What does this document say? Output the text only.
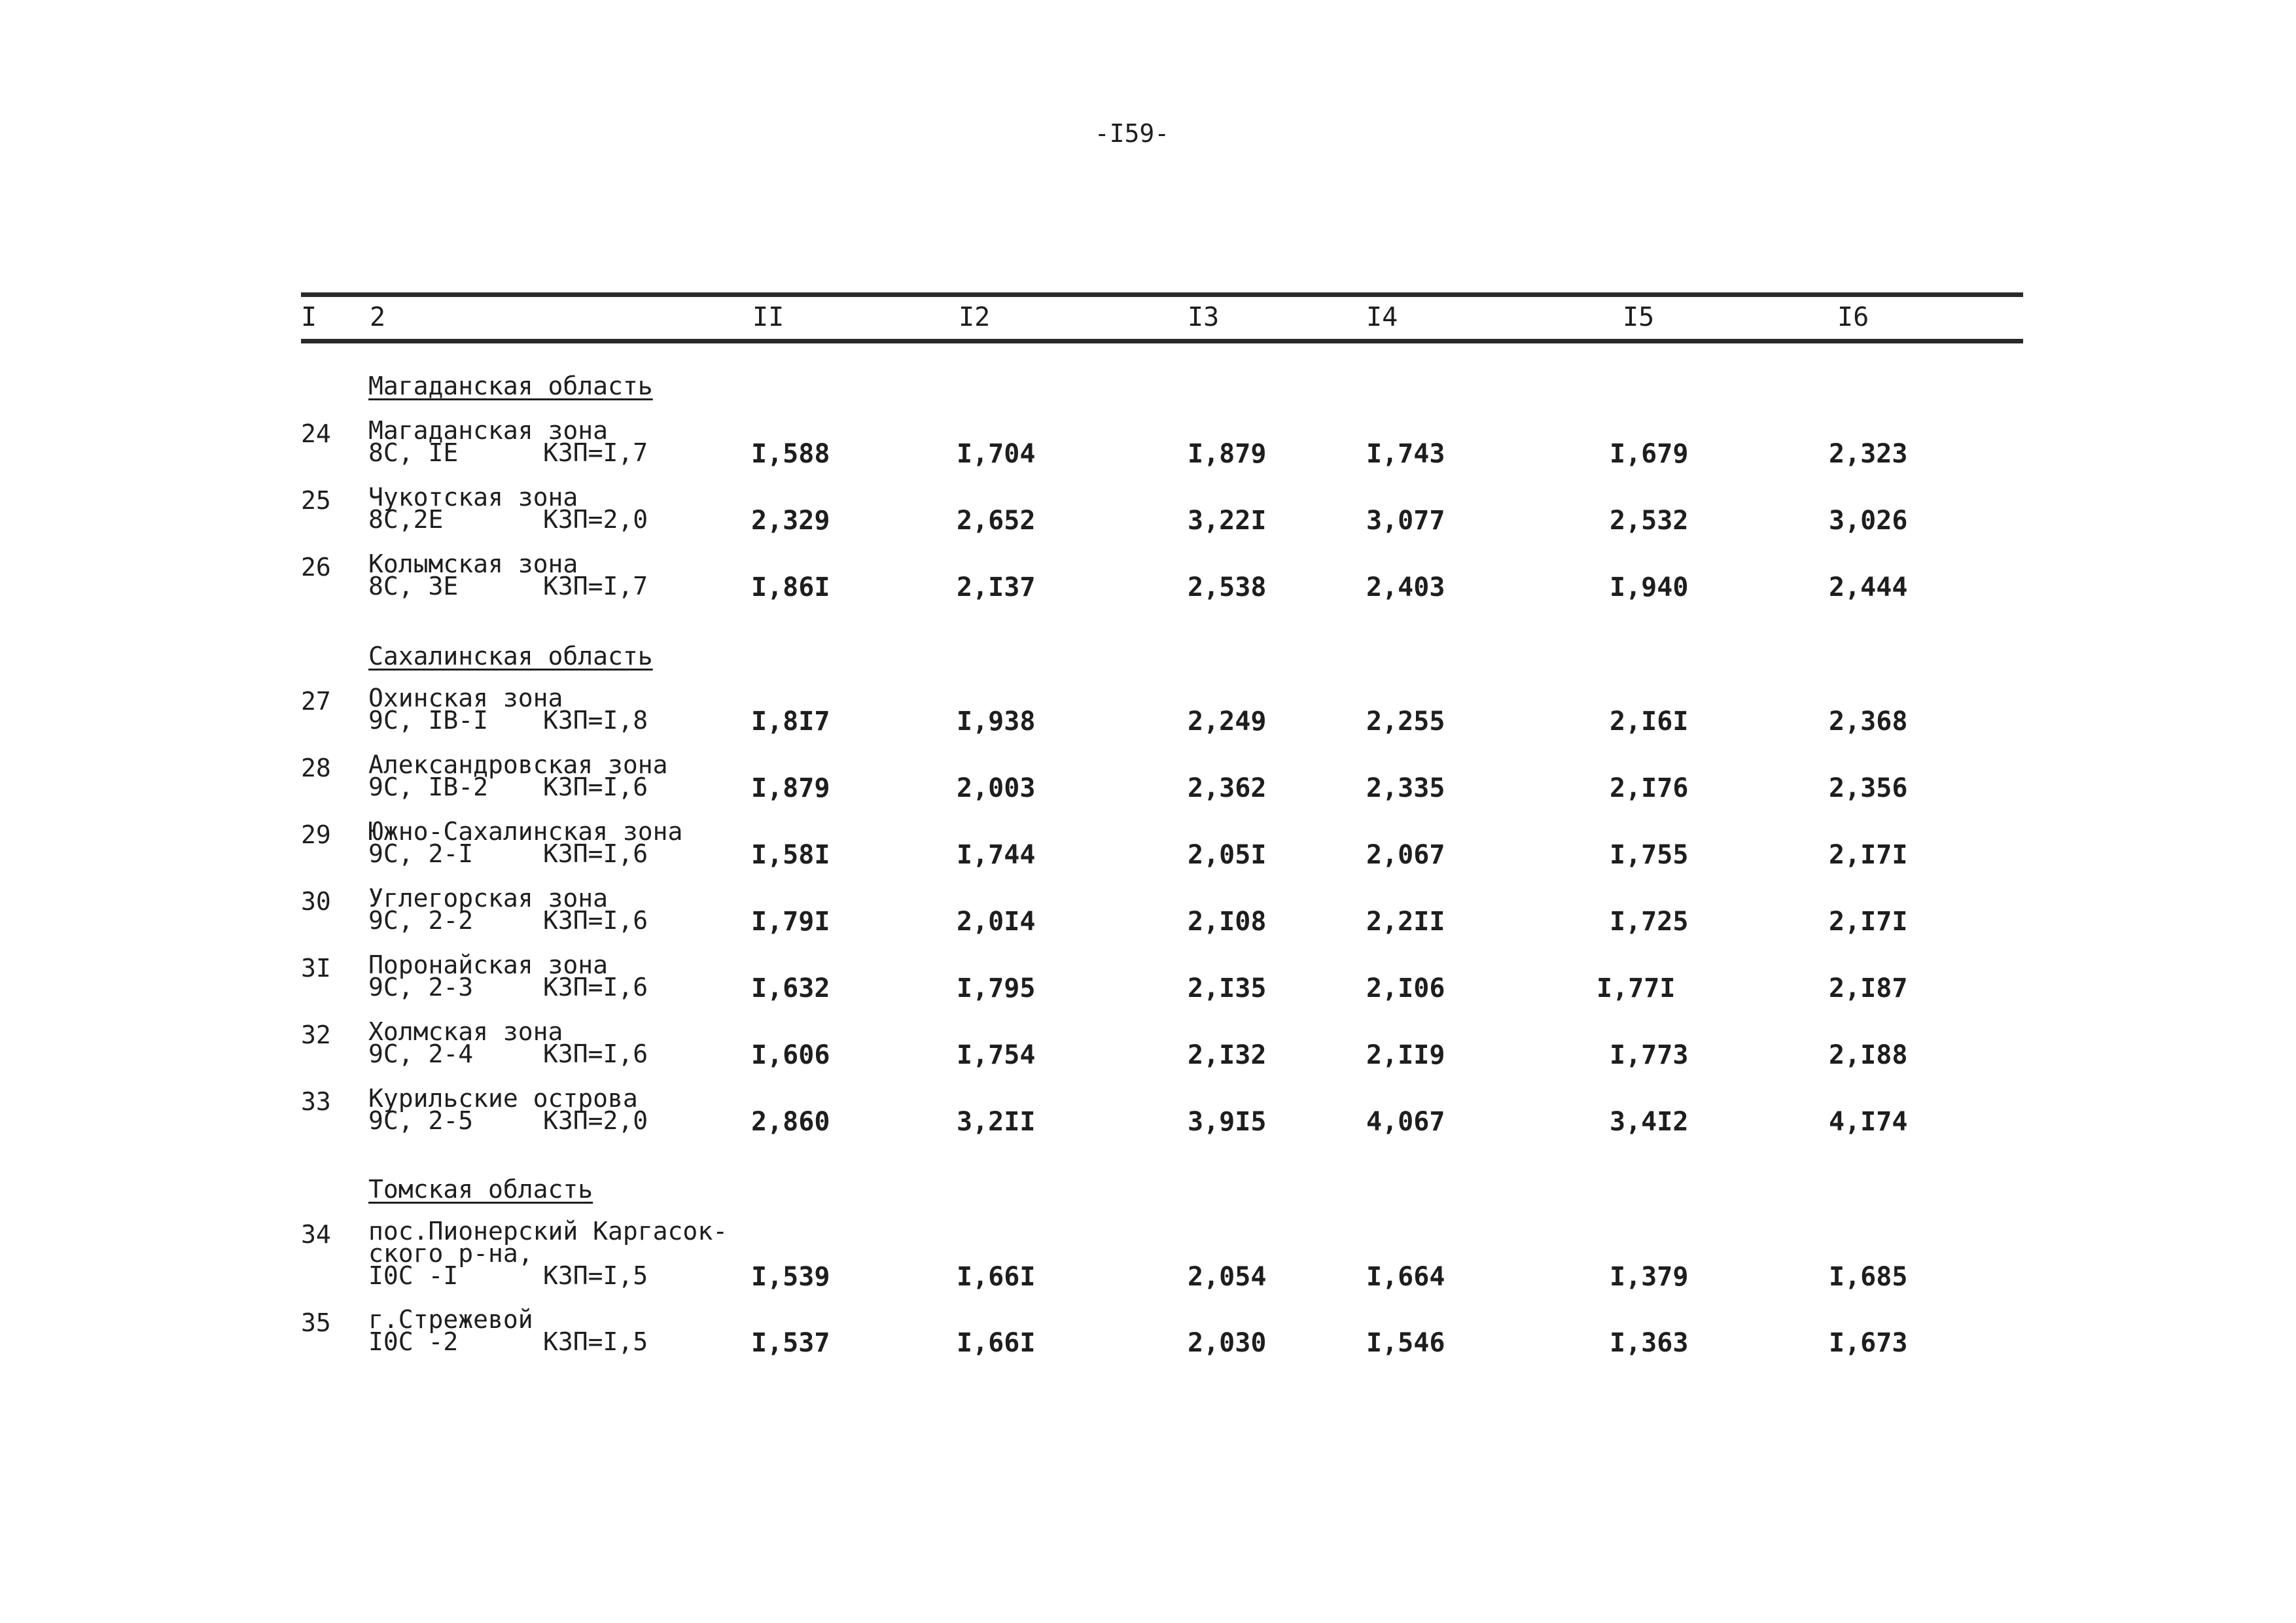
-I59-
I 2	II	I2	I3	I4	I5	I6
Магаданская область
24 Магаданская зона
8С, IE	КЗП=I,7	I,588	I,704	I,879	I,743	I,679	2,323
25 Чукотская зона
8С,2Е	КЗП=2,0	2,329	2,652	3,22I	3,077	2,532	3,026
26 Колымская зона
8С, 3Е	КЗП=I,7	I,86I	2,I37	2,538	2,403	I,940	2,444
Сахалинская область
27 Охинская зона
9С, IВ-I КЗП=I,8	I,8I7	I,938	2,249	2,255	2,I6I	2,368
28 Александровская зона
9С, IВ-2 КЗП=I,6	I,879	2,003	2,362	2,335	2,I76	2,356
29 Южно-Сахалинская зона
9С, 2-I	КЗП=I,6	I,58I	I,744	2,05I	2,067	I,755	2,I7I
30 Углегорская зона
9С, 2-2	КЗП=I,6	I,79I	2,0I4	2,I08	2,2II	I,725	2,I7I
3I Поронайская зона
9С, 2-3	КЗП=I,6	I,632	I,795	2,I35	2,I06	I,77I	2,I87
32 Холмская зона
9С, 2-4	КЗП=I,6	I,606	I,754	2,I32	2,II9	I,773	2,I88
33 Курильские острова
9С, 2-5	КЗП=2,0	2,860	3,2II	3,9I5	4,067	3,4I2	4,I74
Томская область
34 пос.Пионерский Каргасок-
ского р-на,
I0С -I	КЗП=I,5	I,539	I,66I	2,054	I,664	I,379	I,685
35 г.Стрежевой
I0С -2	КЗП=I,5	I,537	I,66I	2,030	I,546	I,363	I,673
